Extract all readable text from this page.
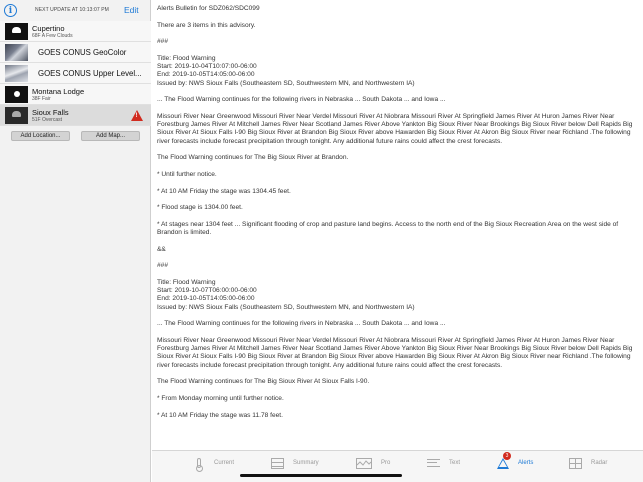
i	NEXT UPDATE AT 10:13:07 PM Edit
Cupertino
68F A Few Clouds
GOES CONUS GeoColor
GOES CONUS Upper Level...
Montana Lodge
38F Fair
Sioux Falls
51F Overcast
!
Add Location...	Add Map...

Alerts Bulletin for SDZ062/SDC099

There are 3 items in this advisory.

###

Title: Flood Warning
Start: 2019-10-04T10:07:00-06:00
End: 2019-10-05T14:05:00-06:00
Issued by: NWS Sioux Falls (Southeastern SD, Southwestern MN, and Northwestern IA)

... The Flood Warning continues for the following rivers in Nebraska ... South Dakota ... and Iowa ...

Missouri River Near Greenwood Missouri River Near Verdel Missouri River At Niobrara Missouri River At Springfield James River At Huron James River Near Forestburg James River At Mitchell James River Near Scotland James River Above Yankton Big Sioux River Near Brookings Big Sioux River below Dell Rapids Big Sioux River At Sioux Falls I-90 Big Sioux River at Brandon Big Sioux River above Hawarden Big Sioux River At Akron Big Sioux River near Richland .The following river forecasts include forecast precipitation through tonight. Any additional future rains could affect the crest forecasts.

The Flood Warning continues for The Big Sioux River at Brandon.

* Until further notice.

* At 10 AM Friday the stage was 1304.45 feet.

* Flood stage is 1304.00 feet.

* At stages near 1304 feet ... Significant flooding of crop and pasture land begins. Access to the north end of the Big Sioux Recreation Area on the west side of Brandon is limited.

&&

###

Title: Flood Warning
Start: 2019-10-07T06:00:00-06:00
End: 2019-10-05T14:05:00-06:00
Issued by: NWS Sioux Falls (Southeastern SD, Southwestern MN, and Northwestern IA)

... The Flood Warning continues for the following rivers in Nebraska ... South Dakota ... and Iowa ...

Missouri River Near Greenwood Missouri River Near Verdel Missouri River At Niobrara Missouri River At Springfield James River At Huron James River Near Forestburg James River At Mitchell James River Near Scotland James River Above Yankton Big Sioux River Near Brookings Big Sioux River below Dell Rapids Big Sioux River At Sioux Falls I-90 Big Sioux River at Brandon Big Sioux River above Hawarden Big Sioux River At Akron Big Sioux River near Richland .The following river forecasts include forecast precipitation through tonight. Any additional future rains could affect the crest forecasts.

The Flood Warning continues for The Big Sioux River At Sioux Falls I-90.

* From Monday morning until further notice.

* At 10 AM Friday the stage was 11.78 feet.

Current	Summary	Pro	Text	Alerts
3
Radar
